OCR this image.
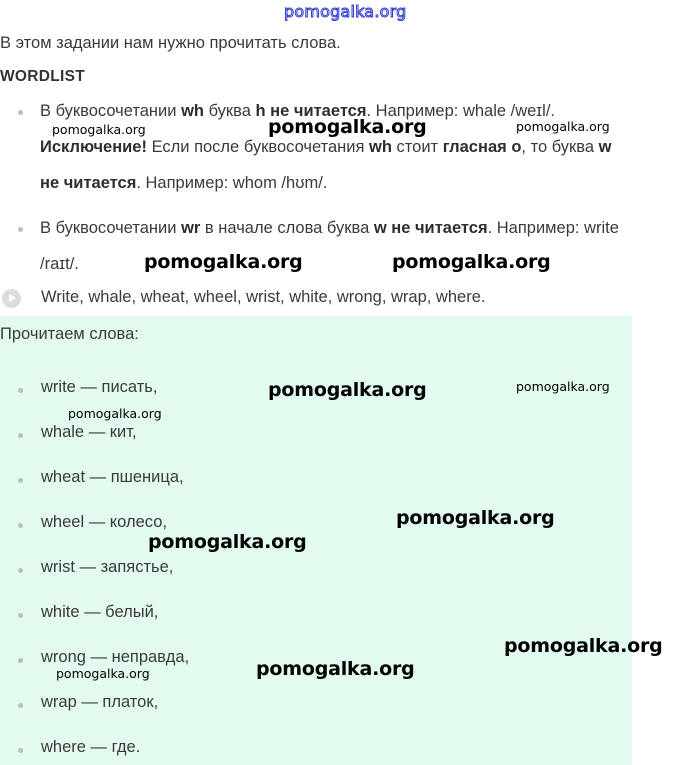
pomogalka.org
В этом задании нам нужно прочитать слова.
WORDLIST
В буквосочетании wh буква h не читается. Например: whale /weɪl/.
Исключение! Если после буквосочетания wh стоит гласная о, то буква w
не читается. Например: whom /hʊm/.
В буквосочетании wr в начале слова буква w не читается. Например: write
/raɪt/.
Write, whale, wheat, wheel, wrist, white, wrong, wrap, where.
Прочитаем слова:
write — писать,
whale — кит,
wheat — пшеница,
wheel — колесо,
wrist — запястье,
white — белый,
wrong — неправда,
wrap — платок,
where — где.
pomogalka.org	pomogalka.org	pomogalka.org
pomogalka.org	pomogalka.org
pomogalka.org	pomogalka.org
pomogalka.org
pomogalka.org
pomogalka.org
pomogalka.org
pomogalka.org
pomogalka.org
